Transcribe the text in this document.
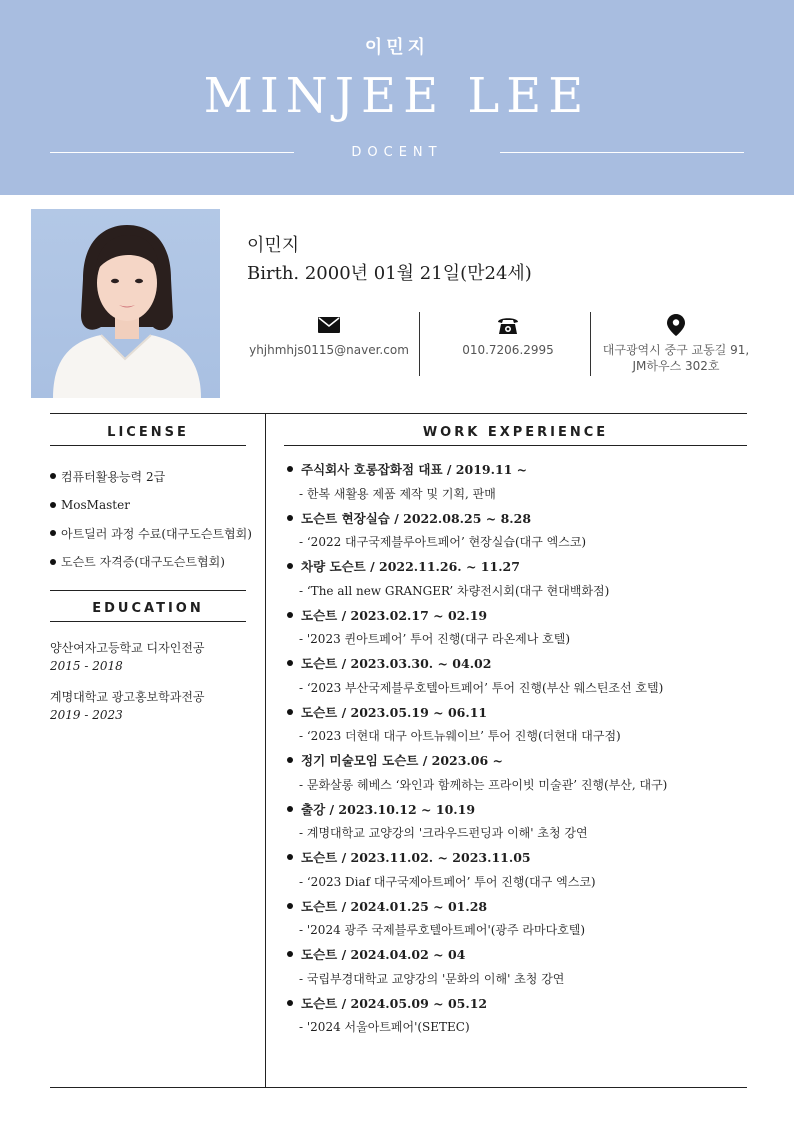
이민지
MINJEE LEE
DOCENT
이민지
Birth. 2000년 01월 21일(만24세)
yhjhmhjs0115@naver.com	010.7206.2995	대구광역시 중구 교동길 91,
JM하우스 302호
LICENSE
컴퓨터활용능력 2급
MosMaster
아트딜러 과정 수료(대구도슨트협회)
도슨트 자격증(대구도슨트협회)
EDUCATION
양산여자고등학교 디자인전공
2015 - 2018
계명대학교 광고홍보학과전공
2019 - 2023
WORK EXPERIENCE
주식회사 호롱잡화점 대표 / 2019.11 ~
- 한복 새활용 제품 제작 및 기획, 판매
도슨트 현장실습 / 2022.08.25 ~ 8.28
- ‘2022 대구국제블루아트페어’ 현장실습(대구 엑스코)
차량 도슨트 / 2022.11.26. ~ 11.27
- ‘The all new GRANGER’ 차량전시회(대구 현대백화점)
도슨트 / 2023.02.17 ~ 02.19
- '2023 퀸아트페어’ 투어 진행(대구 라온제나 호텔)
도슨트 / 2023.03.30. ~ 04.02
- ‘2023 부산국제블루호텔아트페어’ 투어 진행(부산 웨스틴조선 호텔)
도슨트 / 2023.05.19 ~ 06.11
- ‘2023 더현대 대구 아트뉴웨이브’ 투어 진행(더현대 대구점)
정기 미술모임 도슨트 / 2023.06 ~
- 문화살롱 헤베스 ‘와인과 함께하는 프라이빗 미술관’ 진행(부산, 대구)
출강 / 2023.10.12 ~ 10.19
- 계명대학교 교양강의 '크라우드펀딩과 이해' 초청 강연
도슨트 / 2023.11.02. ~ 2023.11.05
- ‘2023 Diaf 대구국제아트페어’ 투어 진행(대구 엑스코)
도슨트 / 2024.01.25 ~ 01.28
- '2024 광주 국제블루호텔아트페어'(광주 라마다호텔)
도슨트 / 2024.04.02 ~ 04
- 국립부경대학교 교양강의 '문화의 이해' 초청 강연
도슨트 / 2024.05.09 ~ 05.12
- '2024 서울아트페어'(SETEC)
